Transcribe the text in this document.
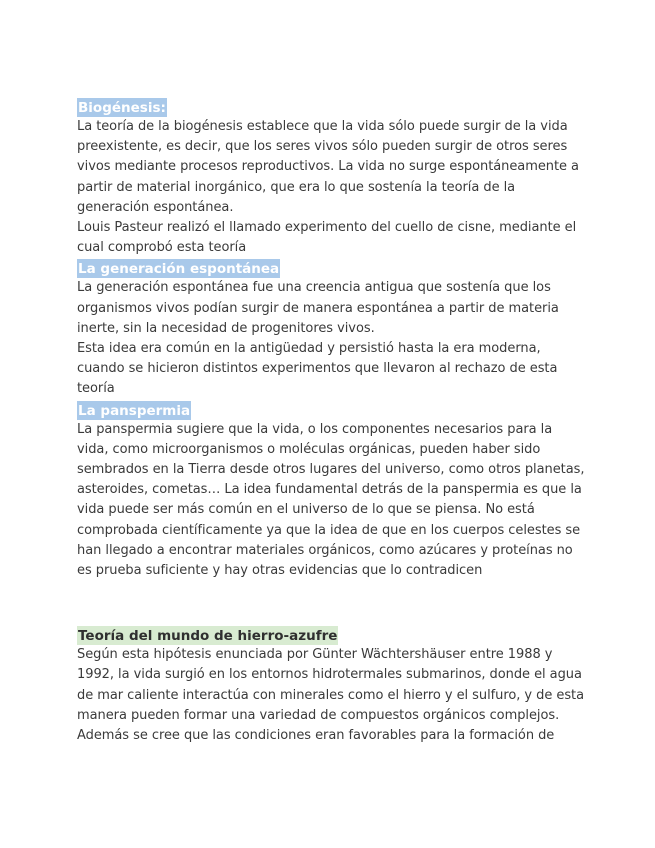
Biogénesis:

La teoría de la biogénesis establece que la vida sólo puede surgir de la vida preexistente, es decir, que los seres vivos sólo pueden surgir de otros seres vivos mediante procesos reproductivos. La vida no surge espontáneamente a partir de material inorgánico, que era lo que sostenía la teoría de la generación espontánea.

Louis Pasteur realizó el llamado experimento del cuello de cisne, mediante el cual comprobó esta teoría

La generación espontánea

La generación espontánea fue una creencia antigua que sostenía que los organismos vivos podían surgir de manera espontánea a partir de materia inerte, sin la necesidad de progenitores vivos.

Esta idea era común en la antigüedad y persistió hasta la era moderna, cuando se hicieron distintos experimentos que llevaron al rechazo de esta teoría

La panspermia

La panspermia sugiere que la vida, o los componentes necesarios para la vida, como microorganismos o moléculas orgánicas, pueden haber sido sembrados en la Tierra desde otros lugares del universo, como otros planetas, asteroides, cometas… La idea fundamental detrás de la panspermia es que la vida puede ser más común en el universo de lo que se piensa. No está comprobada científicamente ya que la idea de que en los cuerpos celestes se han llegado a encontrar materiales orgánicos, como azúcares y proteínas no es prueba suficiente y hay otras evidencias que lo contradicen

Teoría del mundo de hierro-azufre

Según esta hipótesis enunciada por Günter Wächtershäuser entre 1988 y 1992, la vida surgió en los entornos hidrotermales submarinos, donde el agua de mar caliente interactúa con minerales como el hierro y el sulfuro, y de esta manera pueden formar una variedad de compuestos orgánicos complejos. Además se cree que las condiciones eran favorables para la formación de
